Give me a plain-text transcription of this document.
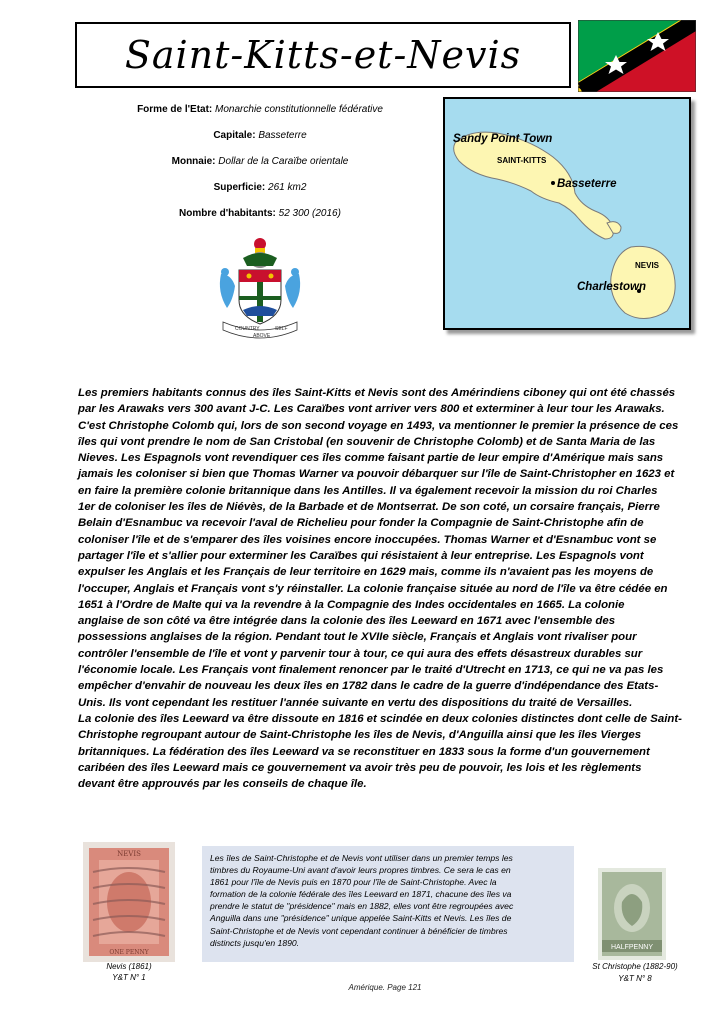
Saint-Kitts-et-Nevis
Forme de l'Etat: Monarchie constitutionnelle fédérative
Capitale: Basseterre
Monnaie: Dollar de la Caraïbe orientale
Superficie: 261 km2
Nombre d'habitants: 52 300 (2016)
COUNTRY
ABOVE
SELF
Sandy Point Town
SAINT-KITTS
Basseterre
NEVIS
Charlestown

Les premiers habitants connus des îles Saint-Kitts et Nevis sont des Amérindiens ciboney qui ont été chassés

par les Arawaks vers 300 avant J-C. Les Caraïbes vont arriver vers 800 et exterminer à leur tour les Arawaks.

C'est Christophe Colomb qui, lors de son second voyage en 1493, va mentionner le premier la présence de ces

îles qui vont prendre le nom de San Cristobal (en souvenir de Christophe Colomb) et de Santa Maria de las

Nieves. Les Espagnols vont revendiquer ces îles comme faisant partie de leur empire d'Amérique mais sans

jamais les coloniser si bien que Thomas Warner va pouvoir débarquer sur l'île de Saint-Christopher en 1623 et

en faire la première colonie britannique dans les Antilles. Il va également recevoir la mission du roi Charles

1er de coloniser les îles de Niévès, de la Barbade et de Montserrat. De son coté, un corsaire français, Pierre

Belain d'Esnambuc va recevoir l'aval de Richelieu pour fonder la Compagnie de Saint-Christophe afin de

coloniser l'île et de s'emparer des îles voisines encore inoccupées. Thomas Warner et d'Esnambuc vont se

partager l'île et s'allier pour exterminer les Caraïbes qui résistaient à leur entreprise. Les Espagnols vont

expulser les Anglais et les Français de leur territoire en 1629 mais, comme ils n'avaient pas les moyens de

l'occuper, Anglais et Français vont s'y réinstaller. La colonie française située au nord de l'île va être cédée en

1651 à l'Ordre de Malte qui va la revendre à la Compagnie des Indes occidentales en 1665. La colonie

anglaise de son côté va être intégrée dans la colonie des îles Leeward en 1671 avec l'ensemble des

possessions anglaises de la région. Pendant tout le XVIIe siècle, Français et Anglais vont rivaliser pour

contrôler l'ensemble de l'île et vont y parvenir tour à tour, ce qui aura des effets désastreux durables sur

l'économie locale. Les Français vont finalement renoncer par le traité d'Utrecht en 1713, ce qui ne va pas les

empêcher d'envahir de nouveau les deux îles en 1782 dans le cadre de la guerre d'indépendance des Etats-

Unis. Ils vont cependant les restituer l'année suivante en vertu des dispositions du traité de Versailles.

La colonie des îles Leeward va être dissoute en 1816 et scindée en deux colonies distinctes dont celle de Saint-

Christophe regroupant autour de Saint-Christophe les îles de Nevis, d'Anguilla ainsi que les îles Vierges

britanniques. La fédération des îles Leeward va se reconstituer en 1833 sous la forme d'un gouvernement

caribéen des îles Leeward mais ce gouvernement va avoir très peu de pouvoir, les lois et les règlements

devant être approuvés par les conseils de chaque île.

NEVIS
ONE PENNY
Nevis (1861)
Y&T N° 1
Les îles de Saint-Christophe et de Nevis vont utiliser dans un premier temps les
timbres du Royaume-Uni avant d'avoir leurs propres timbres. Ce sera le cas en
1861 pour l'île de Nevis puis en 1870 pour l'île de Saint-Christophe. Avec la
formation de la colonie fédérale des îles Leeward en 1871, chacune des îles va
prendre le statut de "présidence" mais en 1882, elles vont être regroupées avec
Anguilla dans une "présidence" unique appelée Saint-Kitts et Nevis. Les îles de
Saint-Christophe et de Nevis vont cependant continuer à bénéficier de timbres
distincts jusqu'en 1890.	HALFPENNY
St Christophe (1882-90)
Y&T N° 8
Amérique. Page 121
